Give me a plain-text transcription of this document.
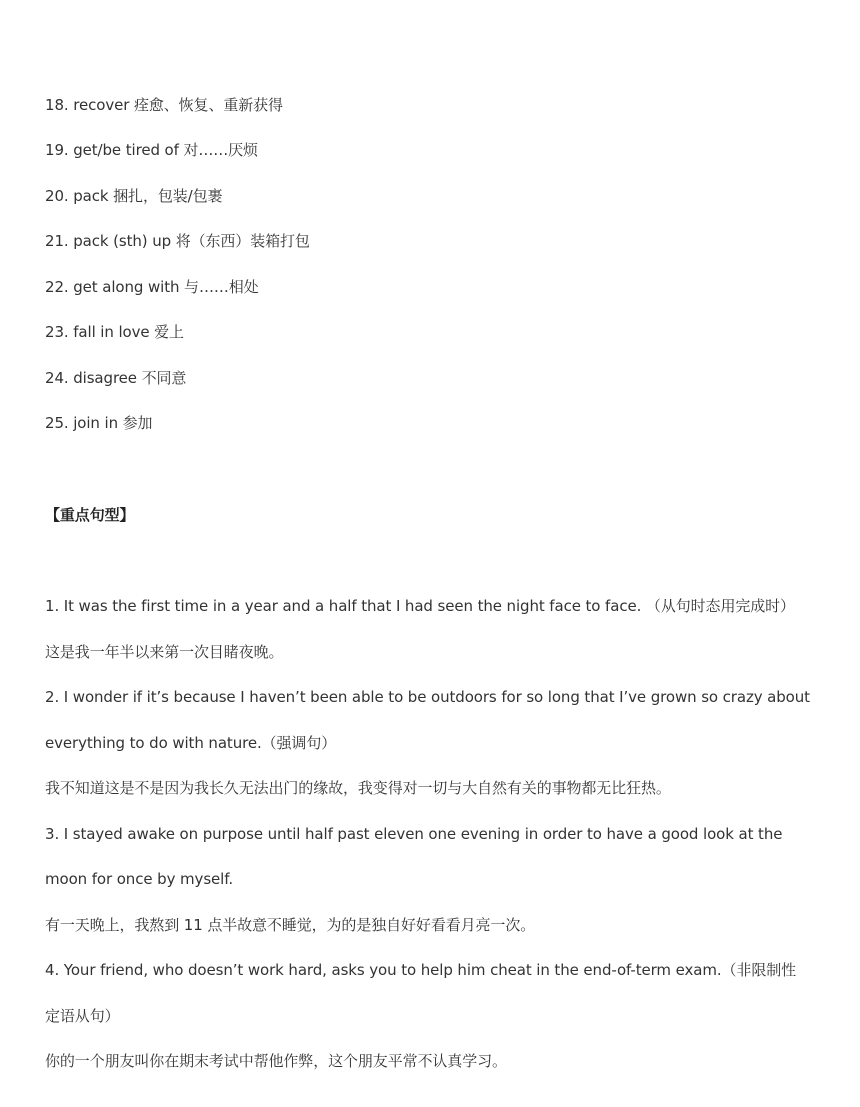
18. recover 痊愈、恢复、重新获得
19. get/be tired of 对……厌烦
20. pack 捆扎，包装/包裹
21. pack (sth) up 将（东西）装箱打包
22. get along with 与……相处
23. fall in love 爱上
24. disagree 不同意
25. join in 参加
【重点句型】
1. It was the first time in a year and a half that I had seen the night face to face. （从句时态用完成时）
这是我一年半以来第一次目睹夜晚。
2. I wonder if it’s because I haven’t been able to be outdoors for so long that I’ve grown so crazy about
everything to do with nature.（强调句）
我不知道这是不是因为我长久无法出门的缘故，我变得对一切与大自然有关的事物都无比狂热。
3. I stayed awake on purpose until half past eleven one evening in order to have a good look at the
moon for once by myself.
有一天晚上，我熬到 11 点半故意不睡觉，为的是独自好好看看月亮一次。
4. Your friend, who doesn’t work hard, asks you to help him cheat in the end-of-term exam.（非限制性
定语从句）
你的一个朋友叫你在期末考试中帮他作弊，这个朋友平常不认真学习。
